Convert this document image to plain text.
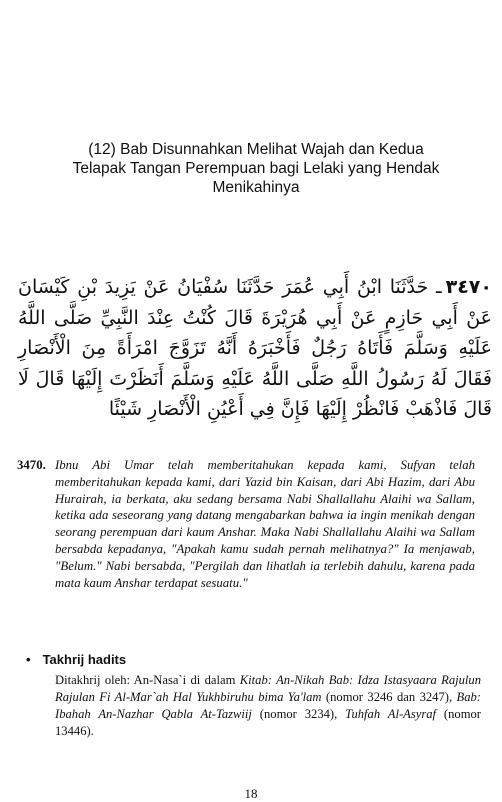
(12) Bab Disunnahkan Melihat Wajah dan Kedua
Telapak Tangan Perempuan bagi Lelaki yang Hendak
Menikahinya
٣٤٧٠ـ حَدَّثَنَا ابْنُ أَبِي عُمَرَ حَدَّثَنَا سُفْيَانُ عَنْ يَزِيدَ بْنِ كَيْسَانَ عَنْ أَبِي حَازِمٍ عَنْ أَبِي هُرَيْرَةَ قَالَ كُنْتُ عِنْدَ النَّبِيِّ صَلَّى اللَّهُ عَلَيْهِ وَسَلَّمَ فَأَتَاهُ رَجُلٌ فَأَخْبَرَهُ أَنَّهُ تَزَوَّجَ امْرَأَةً مِنَ الْأَنْصَارِ فَقَالَ لَهُ رَسُولُ اللَّهِ صَلَّى اللَّهُ عَلَيْهِ وَسَلَّمَ أَنَظَرْتَ إِلَيْهَا قَالَ لَا قَالَ فَاذْهَبْ فَانْظُرْ إِلَيْهَا فَإِنَّ فِي أَعْيُنِ الْأَنْصَارِ شَيْئًا
3470. Ibnu Abi Umar telah memberitahukan kepada kami, Sufyan telah memberitahukan kepada kami, dari Yazid bin Kaisan, dari Abi Hazim, dari Abu Hurairah, ia berkata, aku sedang bersama Nabi Shallallahu Alaihi wa Sallam, ketika ada seseorang yang datang mengabarkan bahwa ia ingin menikah dengan seorang perempuan dari kaum Anshar. Maka Nabi Shallallahu Alaihi wa Sallam bersabda kepadanya, "Apakah kamu sudah pernah melihatnya?" Ia menjawab, "Belum." Nabi bersabda, "Pergilah dan lihatlah ia terlebih dahulu, karena pada mata kaum Anshar terdapat sesuatu."
• Takhrij hadits
Ditakhrij oleh: An-Nasa`i di dalam Kitab: An-Nikah Bab: Idza Istasyaara Rajulun Rajulan Fi Al-Mar`ah Hal Yukhbiruhu bima Ya'lam (nomor 3246 dan 3247), Bab: Ibahah An-Nazhar Qabla At-Tazwiij (nomor 3234), Tuhfah Al-Asyraf (nomor 13446).
18
